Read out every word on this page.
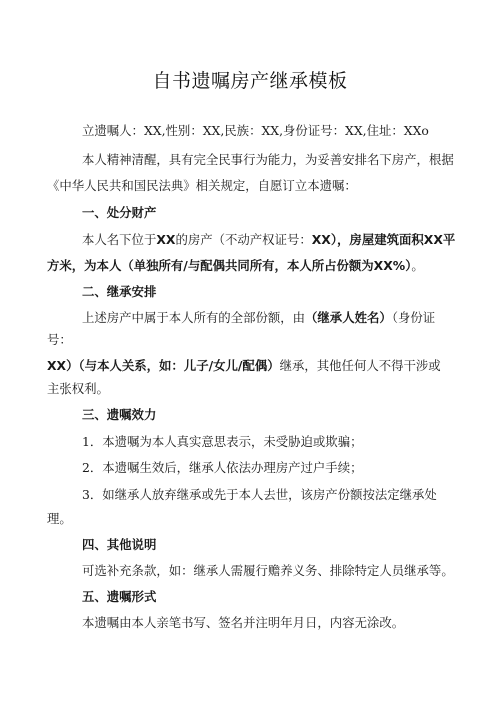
自书遗嘱房产继承模板
立遗嘱人：XX,性别：XX,民族：XX,身份证号：XX,住址：XXo
本人精神清醒，具有完全民事行为能力，为妥善安排名下房产，根据
《中华人民共和国民法典》相关规定，自愿订立本遗嘱：
一、处分财产
本人名下位于XX的房产（不动产权证号：XX），房屋建筑面积XX平
方米，为本人（单独所有/与配偶共同所有，本人所占份额为XX%）。
二、继承安排
上述房产中属于本人所有的全部份额，由（继承人姓名）（身份证
号：
XX）（与本人关系，如：儿子/女儿/配偶）继承，其他任何人不得干涉或
主张权利。
三、遗嘱效力
1．本遗嘱为本人真实意思表示，未受胁迫或欺骗；
2．本遗嘱生效后，继承人依法办理房产过户手续；
3．如继承人放弃继承或先于本人去世，该房产份额按法定继承处
理。
四、其他说明
可选补充条款，如：继承人需履行赡养义务、排除特定人员继承等。
五、遗嘱形式
本遗嘱由本人亲笔书写、签名并注明年月日，内容无涂改。
